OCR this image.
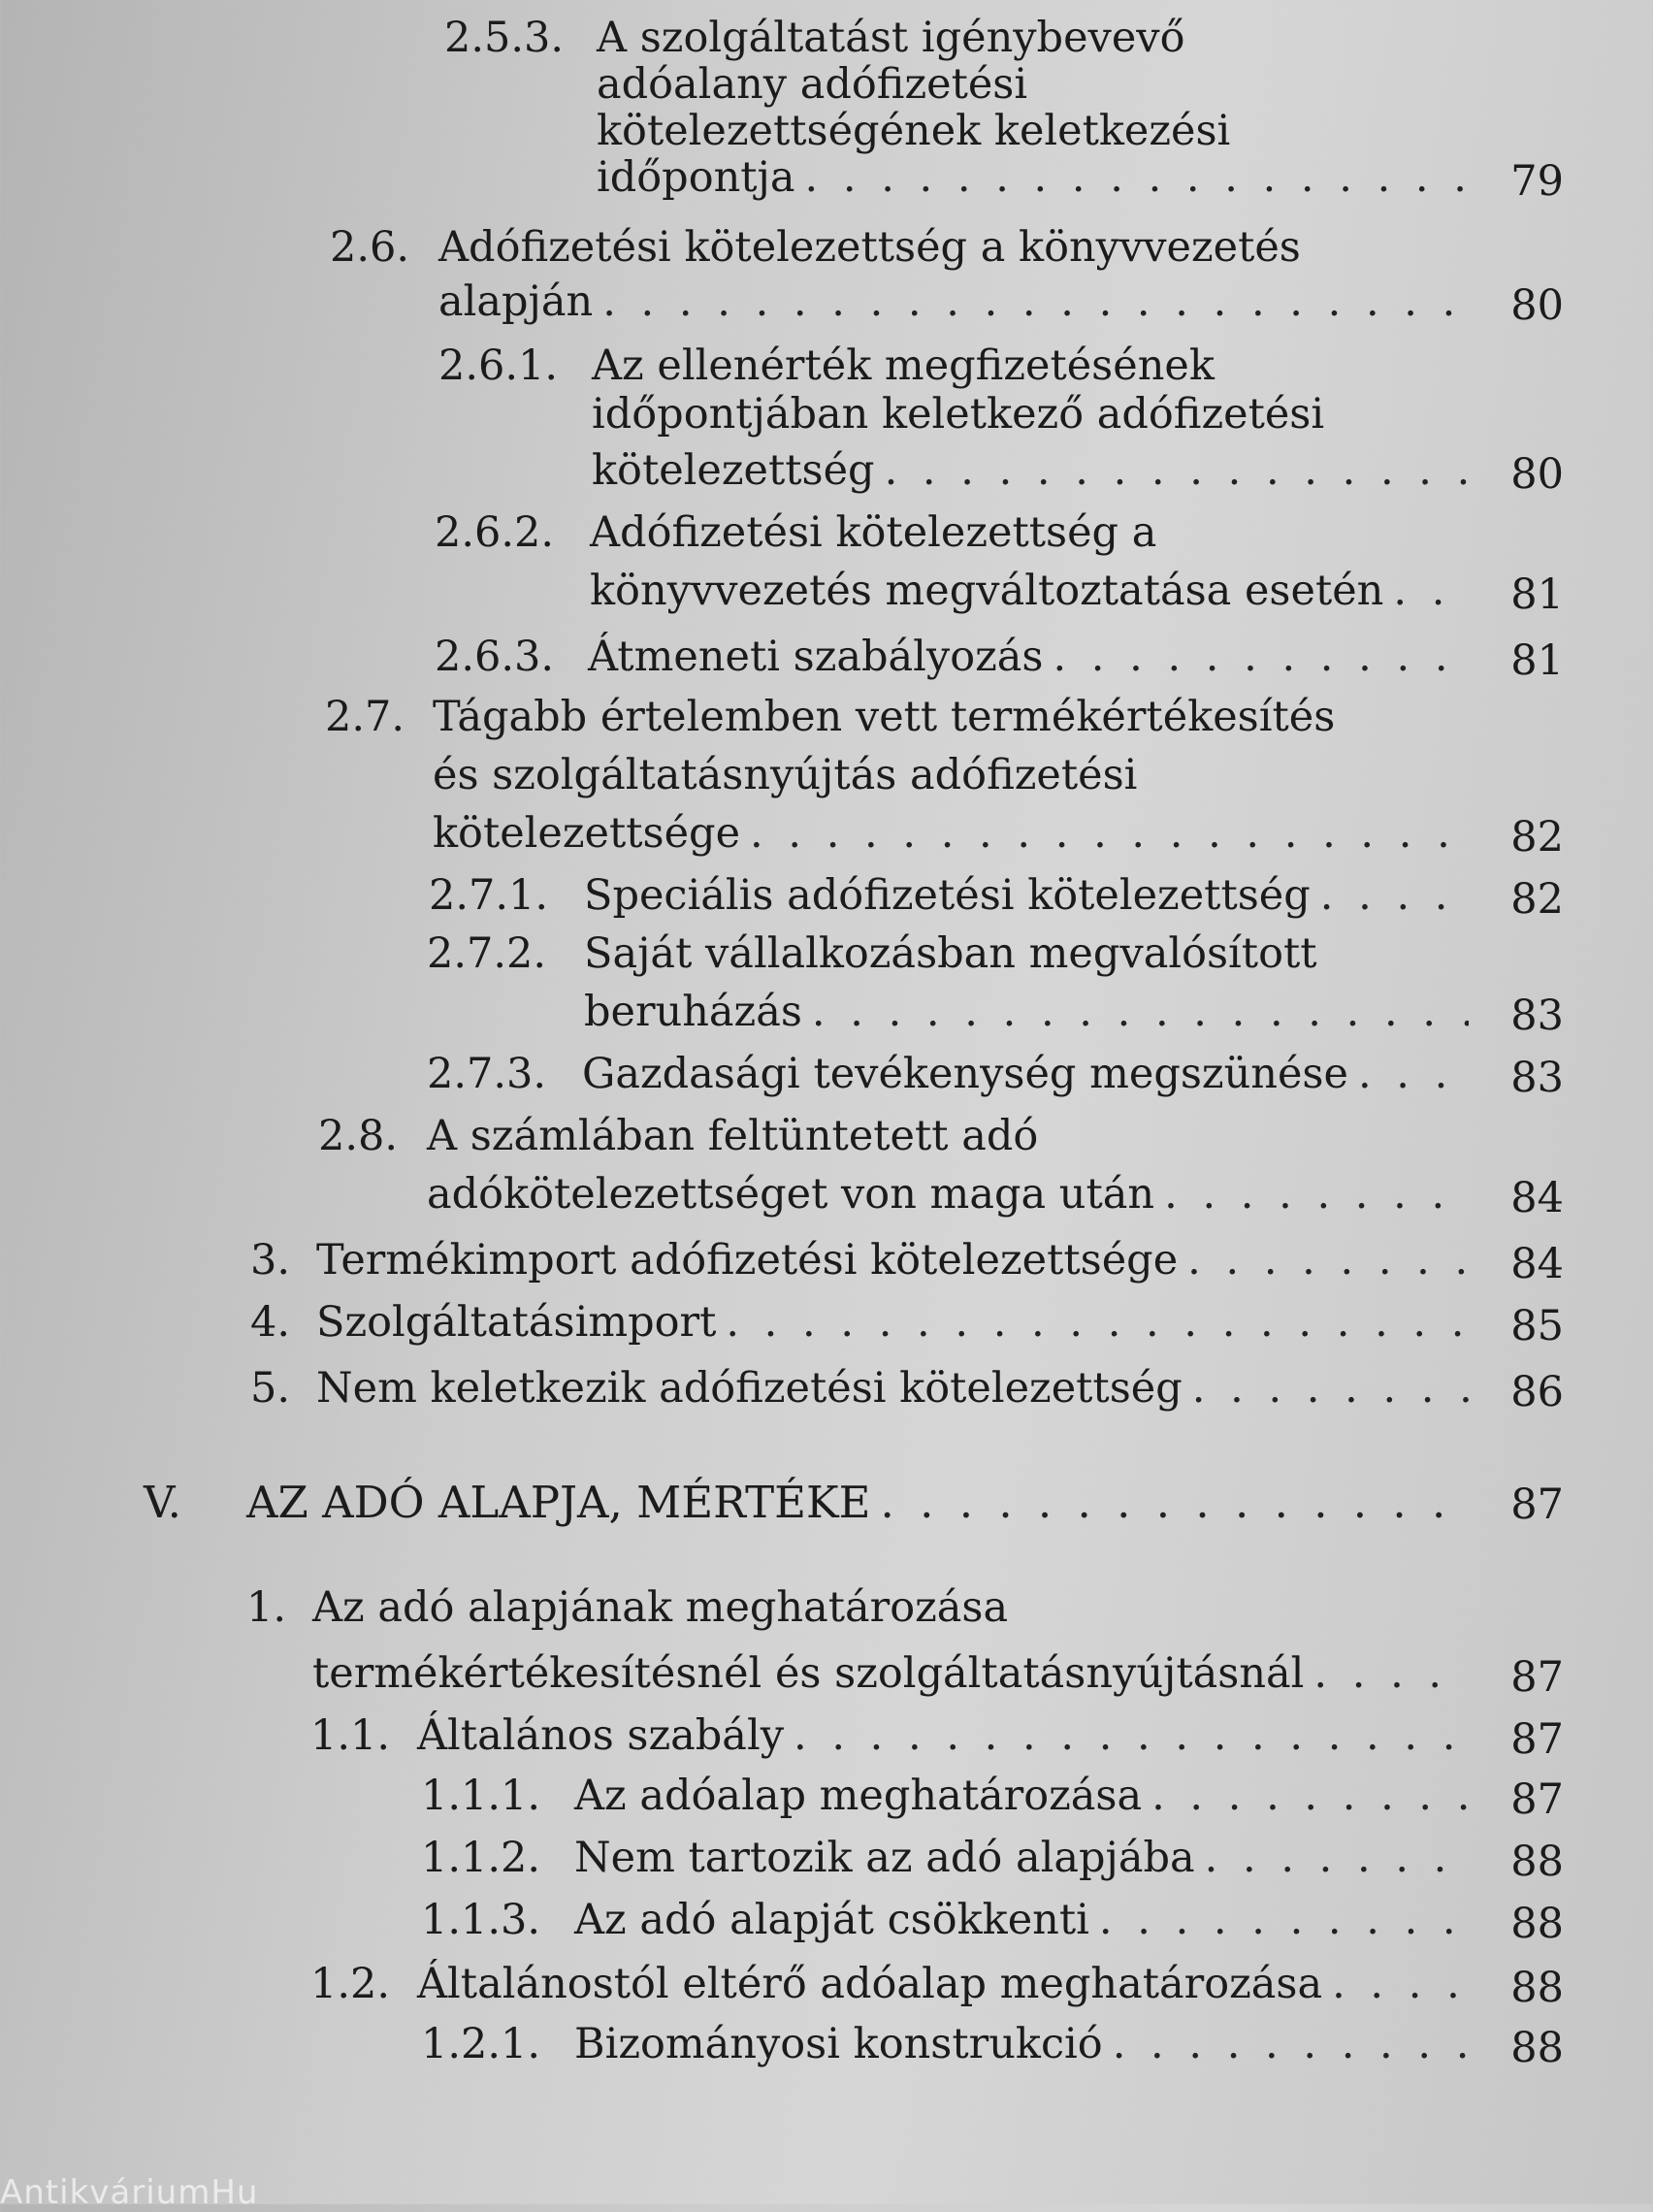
2.5.3. A szolgáltatást igénybevevő
adóalany adófizetési
kötelezettségének keletkezési
időpontja . . .	79
2.6. Adófizetési kötelezettség a könyvvezetés
alapján . . .	80
2.6.1. Az ellenérték megfizetésének
időpontjában keletkező adófizetési
kötelezettség . . .	80
2.6.2. Adófizetési kötelezettség a
könyvvezetés megváltoztatása esetén . . .	81
2.6.3. Átmeneti szabályozás . . .	81
2.7. Tágabb értelemben vett termékértékesítés
és szolgáltatásnyújtás adófizetési
kötelezettsége . . .	82
2.7.1. Speciális adófizetési kötelezettség . . .	82
2.7.2. Saját vállalkozásban megvalósított
beruházás . . .	83
2.7.3. Gazdasági tevékenység megszünése . . .	83
2.8. A számlában feltüntetett adó
adókötelezettséget von maga után . . .	84
3. Termékimport adófizetési kötelezettsége . . .	84
4. Szolgáltatásimport . . .	85
5. Nem keletkezik adófizetési kötelezettség . . .	86
V. AZ ADÓ ALAPJA, MÉRTÉKE . . .	87
1. Az adó alapjának meghatározása
termékértékesítésnél és szolgáltatásnyújtásnál . . .	87
1.1. Általános szabály . . .	87
1.1.1. Az adóalap meghatározása . . .	87
1.1.2. Nem tartozik az adó alapjába . . .	88
1.1.3. Az adó alapját csökkenti . . .	88
1.2. Általánostól eltérő adóalap meghatározása . . .	88
1.2.1. Bizományosi konstrukció . . .	88
AntikváriumHu
